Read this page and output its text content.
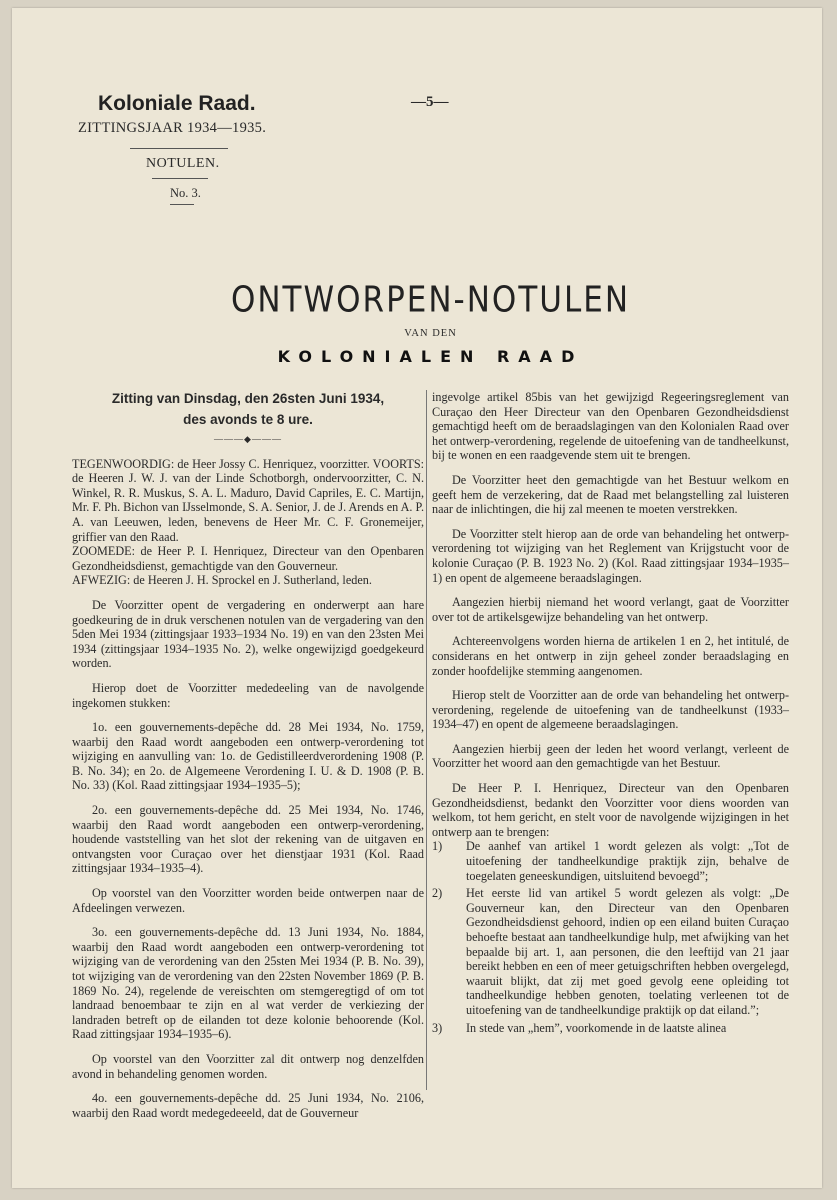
Koloniale Raad.	—5—
ZITTINGSJAAR 1934—1935.
NOTULEN.
No. 3.
ONTWORPEN-NOTULEN
VAN DEN
KOLONIALEN RAAD
Zitting van Dinsdag, den 26sten Juni 1934,
des avonds te 8 ure.
———◆———

TEGENWOORDIG: de Heer Jossy C. Henriquez, voorzitter. VOORTS: de Heeren J. W. J. van der Linde Schotborgh, ondervoorzitter, C. N. Winkel, R. R. Muskus, S. A. L. Maduro, David Capriles, E. C. Martijn, Mr. F. Ph. Bichon van IJsselmonde, S. A. Senior, J. de J. Arends en A. P. A. van Leeuwen, leden, benevens de Heer Mr. C. F. Gronemeijer, griffier van den Raad.

ZOOMEDE: de Heer P. I. Henriquez, Directeur van den Openbaren Gezondheidsdienst, gemachtigde van den Gouverneur.

AFWEZIG: de Heeren J. H. Sprockel en J. Sutherland, leden.

De Voorzitter opent de vergadering en onderwerpt aan hare goedkeuring de in druk verschenen notulen van de vergadering van den 5den Mei 1934 (zittingsjaar 1933–1934 No. 19) en van den 23sten Mei 1934 (zittingsjaar 1934–1935 No. 2), welke ongewijzigd goedgekeurd worden.

Hierop doet de Voorzitter mededeeling van de navolgende ingekomen stukken:

1o. een gouvernements-depêche dd. 28 Mei 1934, No. 1759, waarbij den Raad wordt aangeboden een ontwerp-verordening tot wijziging en aanvulling van: 1o. de Gedistilleerdverordening 1908 (P. B. No. 34); en 2o. de Algemeene Verordening I. U. & D. 1908 (P. B. No. 33) (Kol. Raad zittingsjaar 1934–1935–5);

2o. een gouvernements-depêche dd. 25 Mei 1934, No. 1746, waarbij den Raad wordt aangeboden een ontwerp-verordening, houdende vaststelling van het slot der rekening van de uitgaven en ontvangsten voor Curaçao over het dienstjaar 1931 (Kol. Raad zittingsjaar 1934–1935–4).

Op voorstel van den Voorzitter worden beide ontwerpen naar de Afdeelingen verwezen.

3o. een gouvernements-depêche dd. 13 Juni 1934, No. 1884, waarbij den Raad wordt aangeboden een ontwerp-verordening tot wijziging van de verordening van den 25sten Mei 1934 (P. B. No. 39), tot wijziging van de verordening van den 22sten November 1869 (P. B. 1869 No. 24), regelende de vereischten om stemgeregtigd of om tot landraad benoembaar te zijn en al wat verder de verkiezing der landraden betreft op de eilanden tot deze kolonie behoorende (Kol. Raad zittingsjaar 1934–1935–6).

Op voorstel van den Voorzitter zal dit ontwerp nog denzelfden avond in behandeling genomen worden.

4o. een gouvernements-depêche dd. 25 Juni 1934, No. 2106, waarbij den Raad wordt medegedeeeld, dat de Gouverneur

ingevolge artikel 85bis van het gewijzigd Regeeringsreglement van Curaçao den Heer Directeur van den Openbaren Gezondheidsdienst gemachtigd heeft om de beraadslagingen van den Kolonialen Raad over het ontwerp-verordening, regelende de uitoefening van de tandheelkunst, bij te wonen en een raadgevende stem uit te brengen.

De Voorzitter heet den gemachtigde van het Bestuur welkom en geeft hem de verzekering, dat de Raad met belangstelling zal luisteren naar de inlichtingen, die hij zal meenen te moeten verstrekken.

De Voorzitter stelt hierop aan de orde van behandeling het ontwerp-verordening tot wijziging van het Reglement van Krijgstucht voor de kolonie Curaçao (P. B. 1923 No. 2) (Kol. Raad zittingsjaar 1934–1935–1) en opent de algemeene beraadslagingen.

Aangezien hierbij niemand het woord verlangt, gaat de Voorzitter over tot de artikelsgewijze behandeling van het ontwerp.

Achtereenvolgens worden hierna de artikelen 1 en 2, het intitulé, de considerans en het ontwerp in zijn geheel zonder beraadslaging en zonder hoofdelijke stemming aangenomen.

Hierop stelt de Voorzitter aan de orde van behandeling het ontwerp-verordening, regelende de uitoefening van de tandheelkunst (1933–1934–47) en opent de algemeene beraadslagingen.

Aangezien hierbij geen der leden het woord verlangt, verleent de Voorzitter het woord aan den gemachtigde van het Bestuur.

De Heer P. I. Henriquez, Directeur van den Openbaren Gezondheidsdienst, bedankt den Voorzitter voor diens woorden van welkom, tot hem gericht, en stelt voor de navolgende wijzigingen in het ontwerp aan te brengen:

1)	De aanhef van artikel 1 wordt gelezen als volgt: „Tot de uitoefening der tandheelkundige praktijk zijn, behalve de toegelaten geneeskundigen, uitsluitend bevoegd”;
2)	Het eerste lid van artikel 5 wordt gelezen als volgt: „De Gouverneur kan, den Directeur van den Openbaren Gezondheidsdienst gehoord, indien op een eiland buiten Curaçao behoefte bestaat aan tandheelkundige hulp, met afwijking van het bepaalde bij art. 1, aan personen, die den leeftijd van 21 jaar bereikt hebben en een of meer getuigschriften hebben overgelegd, waaruit blijkt, dat zij met goed gevolg eene opleiding tot tandheelkundige hebben genoten, toelating verleenen tot de uitoefening van de tandheelkundige praktijk op dat eiland.”;
3)	In stede van „hem”, voorkomende in de laatste alinea
